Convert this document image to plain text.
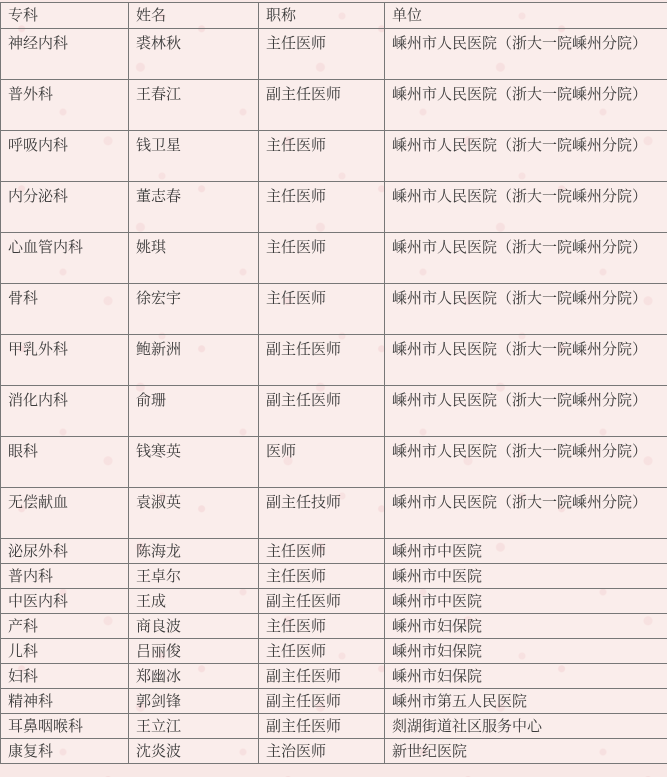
专科	姓名	职称	单位
神经内科	裘林秋	主任医师	嵊州市人民医院（浙大一院嵊州分院）
普外科	王春江	副主任医师	嵊州市人民医院（浙大一院嵊州分院）
呼吸内科	钱卫星	主任医师	嵊州市人民医院（浙大一院嵊州分院）
内分泌科	董志春	主任医师	嵊州市人民医院（浙大一院嵊州分院）
心血管内科	姚琪	主任医师	嵊州市人民医院（浙大一院嵊州分院）
骨科	徐宏宇	主任医师	嵊州市人民医院（浙大一院嵊州分院）
甲乳外科	鲍新洲	副主任医师	嵊州市人民医院（浙大一院嵊州分院）
消化内科	俞珊	副主任医师	嵊州市人民医院（浙大一院嵊州分院）
眼科	钱寒英	医师	嵊州市人民医院（浙大一院嵊州分院）
无偿献血	袁淑英	副主任技师	嵊州市人民医院（浙大一院嵊州分院）
泌尿外科	陈海龙	主任医师	嵊州市中医院
普内科	王卓尔	主任医师	嵊州市中医院
中医内科	王成	副主任医师	嵊州市中医院
产科	商良波	主任医师	嵊州市妇保院
儿科	吕丽俊	主任医师	嵊州市妇保院
妇科	郑幽冰	副主任医师	嵊州市妇保院
精神科	郭剑锋	副主任医师	嵊州市第五人民医院
耳鼻咽喉科	王立江	副主任医师	剡湖街道社区服务中心
康复科	沈炎波	主治医师	新世纪医院
